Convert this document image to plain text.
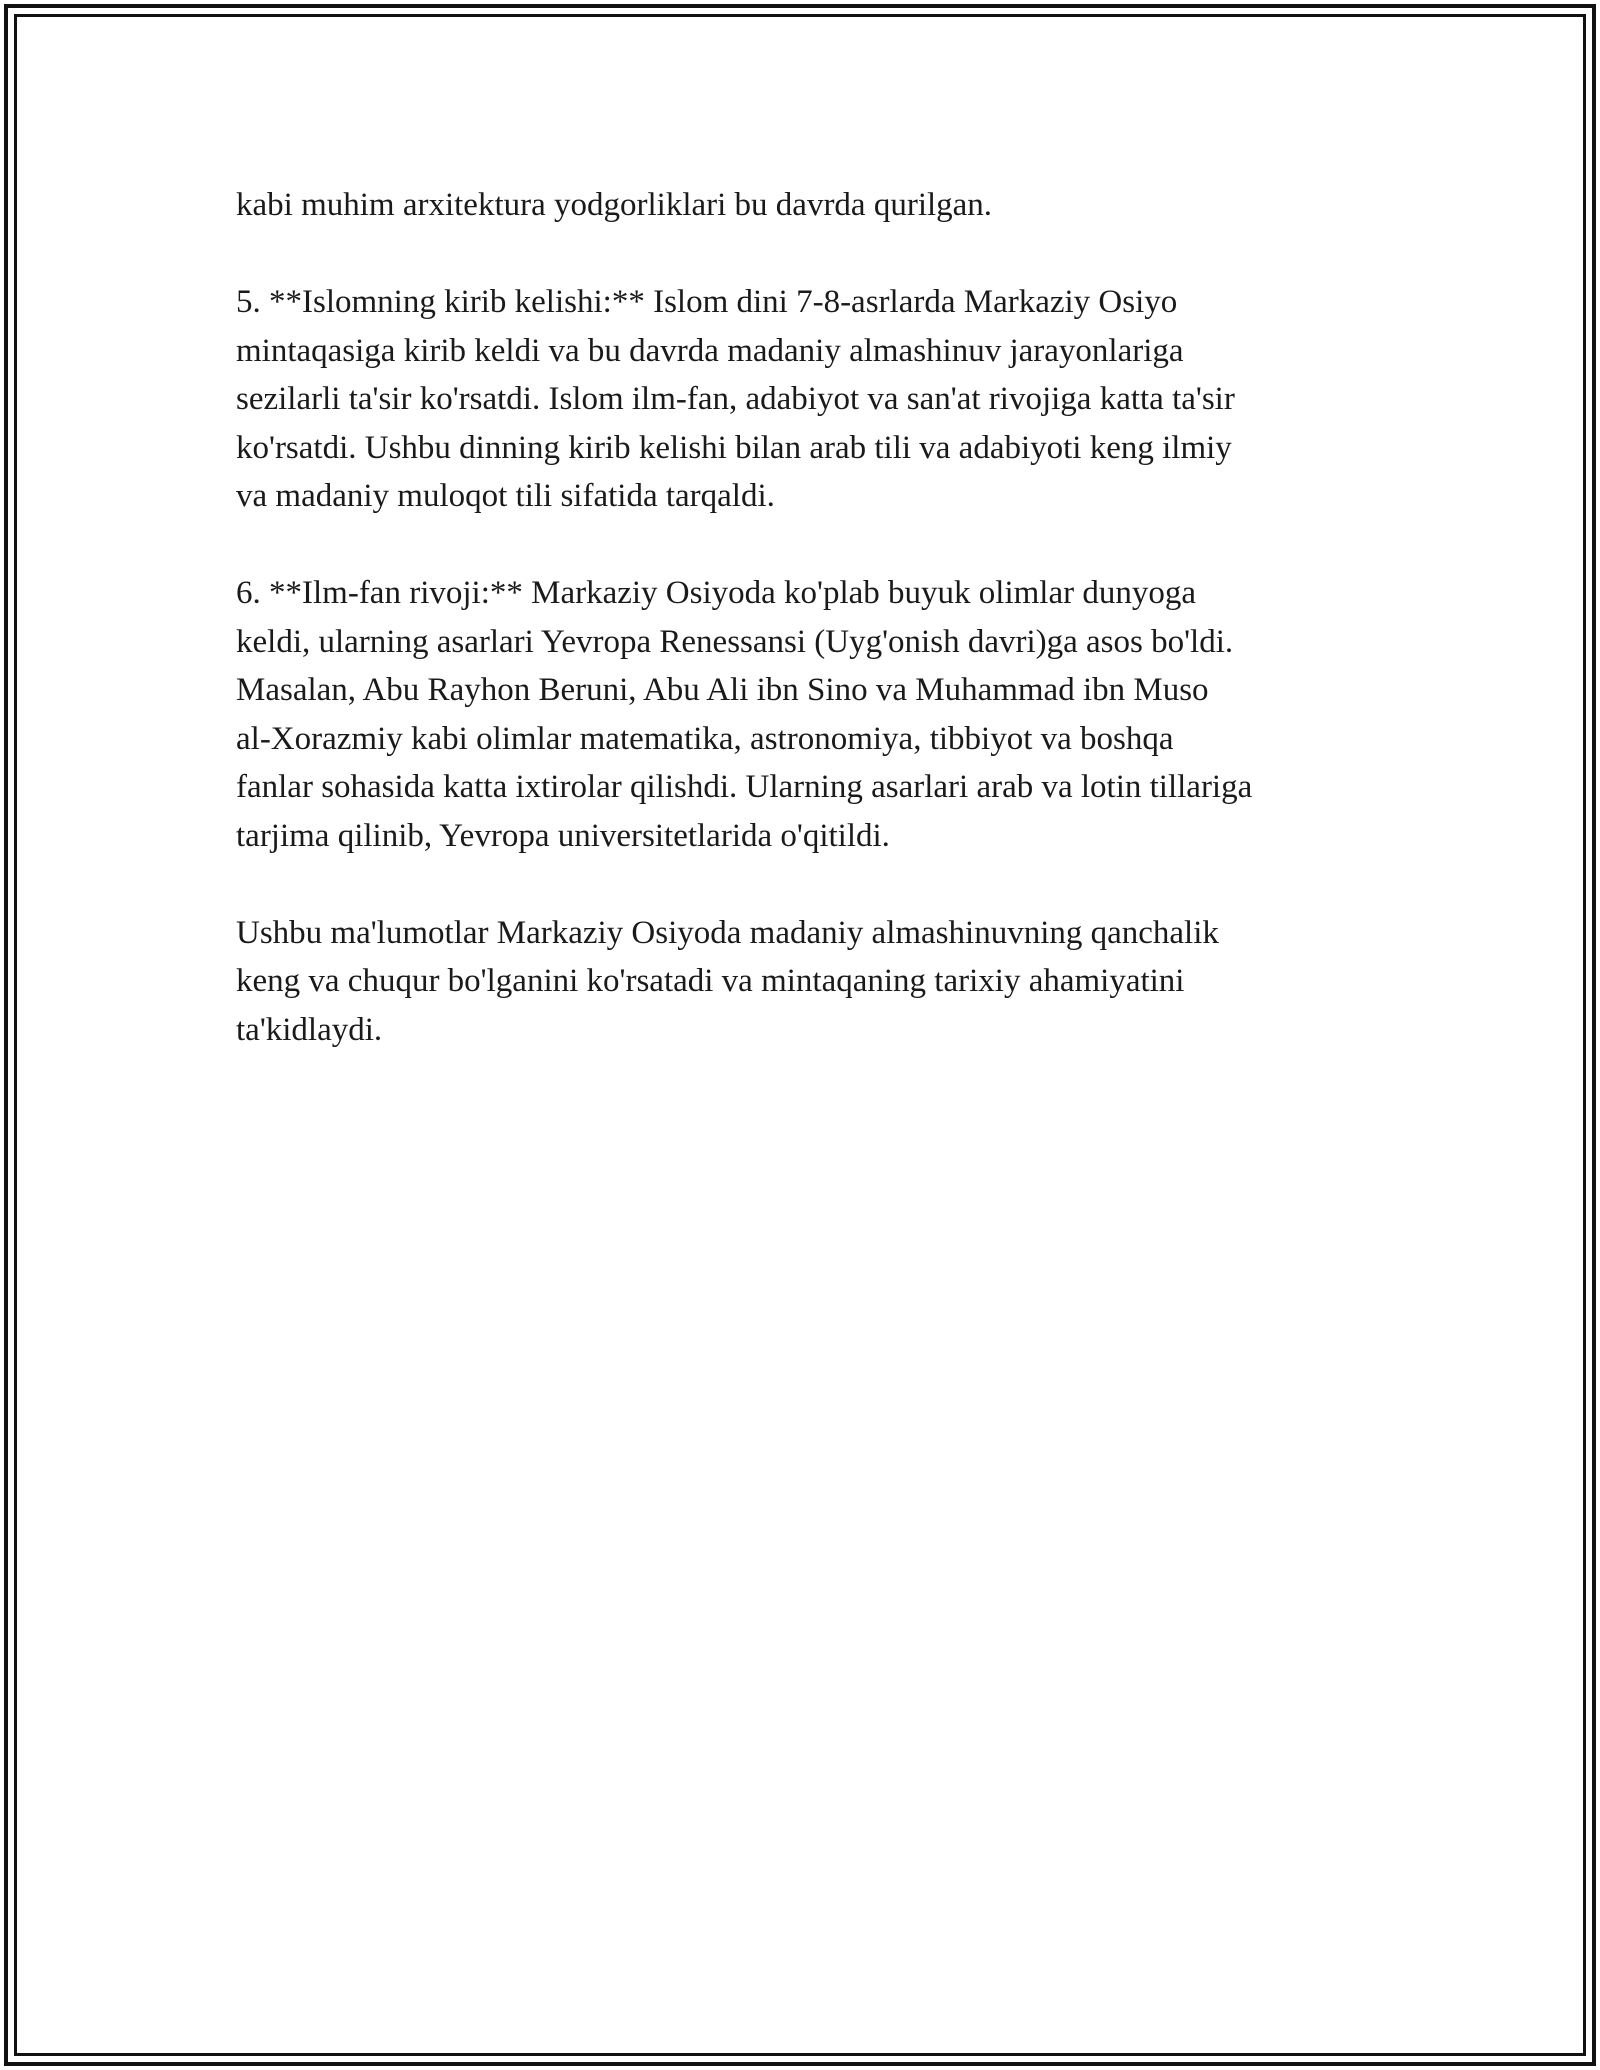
kabi muhim arxitektura yodgorliklari bu davrda qurilgan.

5. **Islomning kirib kelishi:** Islom dini 7-8-asrlarda Markaziy Osiyo
mintaqasiga kirib keldi va bu davrda madaniy almashinuv jarayonlariga
sezilarli ta'sir ko'rsatdi. Islom ilm-fan, adabiyot va san'at rivojiga katta ta'sir
ko'rsatdi. Ushbu dinning kirib kelishi bilan arab tili va adabiyoti keng ilmiy
va madaniy muloqot tili sifatida tarqaldi.

6. **Ilm-fan rivoji:** Markaziy Osiyoda ko'plab buyuk olimlar dunyoga
keldi, ularning asarlari Yevropa Renessansi (Uyg'onish davri)ga asos bo'ldi.
Masalan, Abu Rayhon Beruni, Abu Ali ibn Sino va Muhammad ibn Muso
al-Xorazmiy kabi olimlar matematika, astronomiya, tibbiyot va boshqa
fanlar sohasida katta ixtirolar qilishdi. Ularning asarlari arab va lotin tillariga
tarjima qilinib, Yevropa universitetlarida o'qitildi.

Ushbu ma'lumotlar Markaziy Osiyoda madaniy almashinuvning qanchalik
keng va chuqur bo'lganini ko'rsatadi va mintaqaning tarixiy ahamiyatini
ta'kidlaydi.
